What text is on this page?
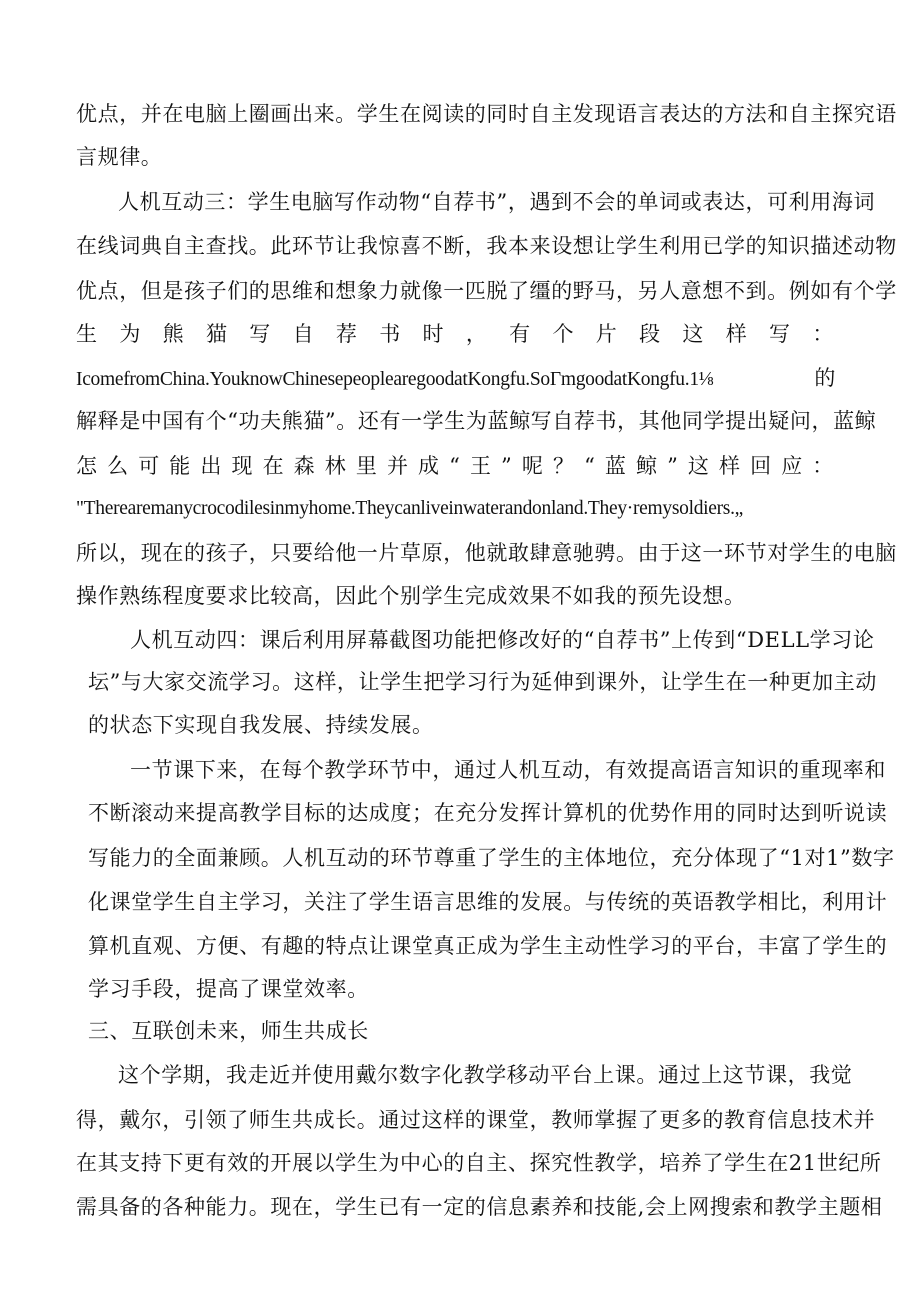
优点，并在电脑上圈画出来。学生在阅读的同时自主发现语言表达的方法和自主探究语
言规律。
人机互动三：学生电脑写作动物“自荐书”，遇到不会的单词或表达，可利用海词
在线词典自主查找。此环节让我惊喜不断，我本来设想让学生利用已学的知识描述动物
优点，但是孩子们的思维和想象力就像一匹脱了缰的野马，另人意想不到。例如有个学
生 为 熊 猫 写 自 荐 书 时 ， 有 个 片 段 这 样 写 ：
IcomefromChina.YouknowChinesepeoplearegoodatKongfu.SoΓmgoodatKongfu.1⅛	的
解释是中国有个“功夫熊猫”。还有一学生为蓝鲸写自荐书，其他同学提出疑问，蓝鲸
怎 么 可 能 出 现 在 森 林 里 并 成 “ 王 ” 呢 ？ “ 蓝 鲸 ” 这 样 回 应 ：
"Therearemanycrocodilesinmyhome.Theycanliveinwaterandonland.They·remysoldiers.„
所以，现在的孩子，只要给他一片草原，他就敢肆意驰骋。由于这一环节对学生的电脑
操作熟练程度要求比较高，因此个别学生完成效果不如我的预先设想。
人机互动四：课后利用屏幕截图功能把修改好的“自荐书”上传到“DELL学习论
坛”与大家交流学习。这样，让学生把学习行为延伸到课外，让学生在一种更加主动
的状态下实现自我发展、持续发展。
一节课下来，在每个教学环节中，通过人机互动，有效提高语言知识的重现率和
不断滚动来提高教学目标的达成度；在充分发挥计算机的优势作用的同时达到听说读
写能力的全面兼顾。人机互动的环节尊重了学生的主体地位，充分体现了“1对1”数字
化课堂学生自主学习，关注了学生语言思维的发展。与传统的英语教学相比，利用计
算机直观、方便、有趣的特点让课堂真正成为学生主动性学习的平台，丰富了学生的
学习手段，提高了课堂效率。
三、互联创未来，师生共成长
这个学期，我走近并使用戴尔数字化教学移动平台上课。通过上这节课，我觉
得，戴尔，引领了师生共成长。通过这样的课堂，教师掌握了更多的教育信息技术并
在其支持下更有效的开展以学生为中心的自主、探究性教学，培养了学生在21世纪所
需具备的各种能力。现在，学生已有一定的信息素养和技能,会上网搜索和教学主题相
